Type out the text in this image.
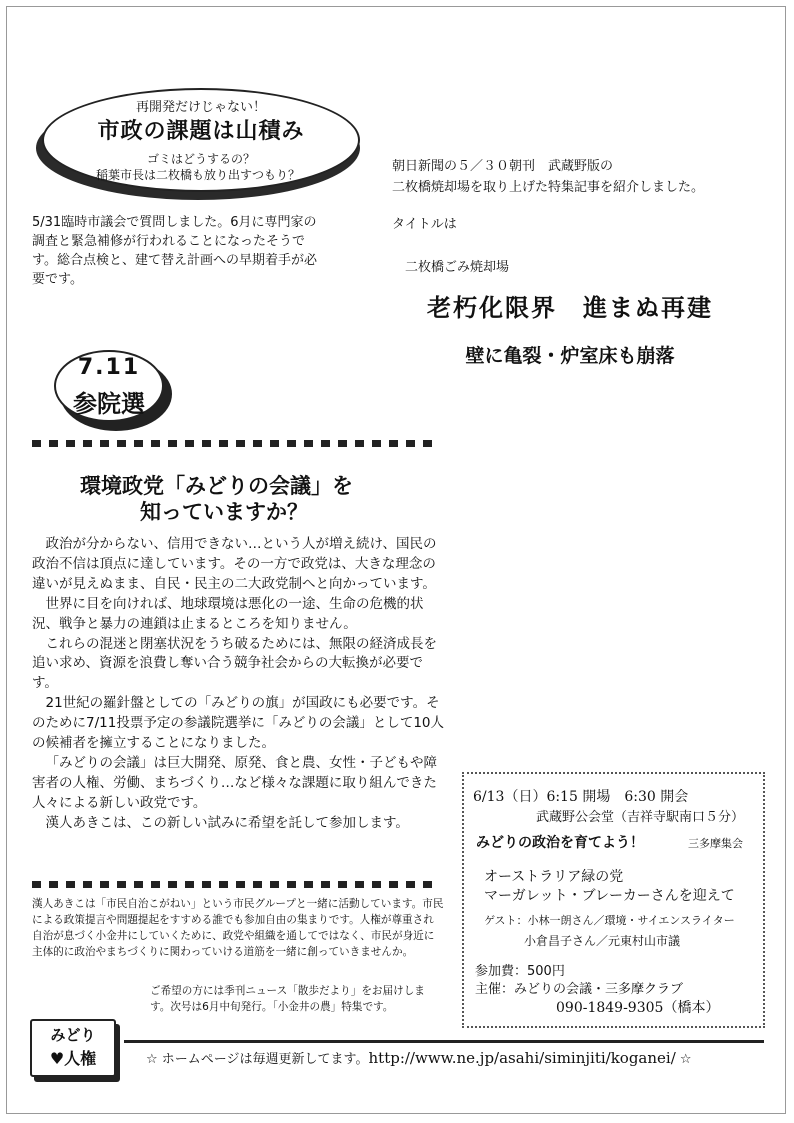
再開発だけじゃない！
市政の課題は山積み
ゴミはどうするの？
稲葉市長は二枚橋も放り出すつもり？
5/31臨時市議会で質問しました。6月に専門家の調査と緊急補修が行われることになったそうです。総合点検と、建て替え計画への早期着手が必要です。
朝日新聞の５／３０朝刊　武蔵野版の
二枚橋焼却場を取り上げた特集記事を紹介しました。
タイトルは
二枚橋ごみ焼却場
老朽化限界　進まぬ再建
壁に亀裂・炉室床も崩落
7.11
参院選
環境政党「みどりの会議」を
知っていますか？

政治が分からない、信用できない…という人が増え続け、国民の政治不信は頂点に達しています。その一方で政党は、大きな理念の違いが見えぬまま、自民・民主の二大政党制へと向かっています。

世界に目を向ければ、地球環境は悪化の一途、生命の危機的状況、戦争と暴力の連鎖は止まるところを知りません。

これらの混迷と閉塞状況をうち破るためには、無限の経済成長を追い求め、資源を浪費し奪い合う競争社会からの大転換が必要です。

21世紀の羅針盤としての「みどりの旗」が国政にも必要です。そのために7/11投票予定の参議院選挙に「みどりの会議」として10人の候補者を擁立することになりました。

「みどりの会議」は巨大開発、原発、食と農、女性・子どもや障害者の人権、労働、まちづくり…など様々な課題に取り組んできた人々による新しい政党です。

漢人あきこは、この新しい試みに希望を託して参加します。

漢人あきこは「市民自治こがねい」という市民グループと一緒に活動しています。市民による政策提言や問題提起をすすめる誰でも参加自由の集まりです。人権が尊重され自治が息づく小金井にしていくために、政党や組織を通してではなく、市民が身近に主体的に政治やまちづくりに関わっていける道筋を一緒に創っていきませんか。
ご希望の方には季刊ニュース「散歩だより」をお届けします。次号は6月中旬発行。「小金井の農」特集です。
6/13（日）6:15 開場　6:30 開会
武蔵野公会堂（吉祥寺駅南口５分）
みどりの政治を育てよう！	三多摩集会
オーストラリア緑の党
マーガレット・ブレーカーさんを迎えて
ゲスト：小林一朗さん／環境・サイエンスライター
小倉昌子さん／元東村山市議
参加費：500円
主催：みどりの会議・三多摩クラブ
090-1849-9305（橋本）
みどり
♥人権	☆ ホームページは毎週更新してます。http://www.ne.jp/asahi/siminjiti/koganei/ ☆
